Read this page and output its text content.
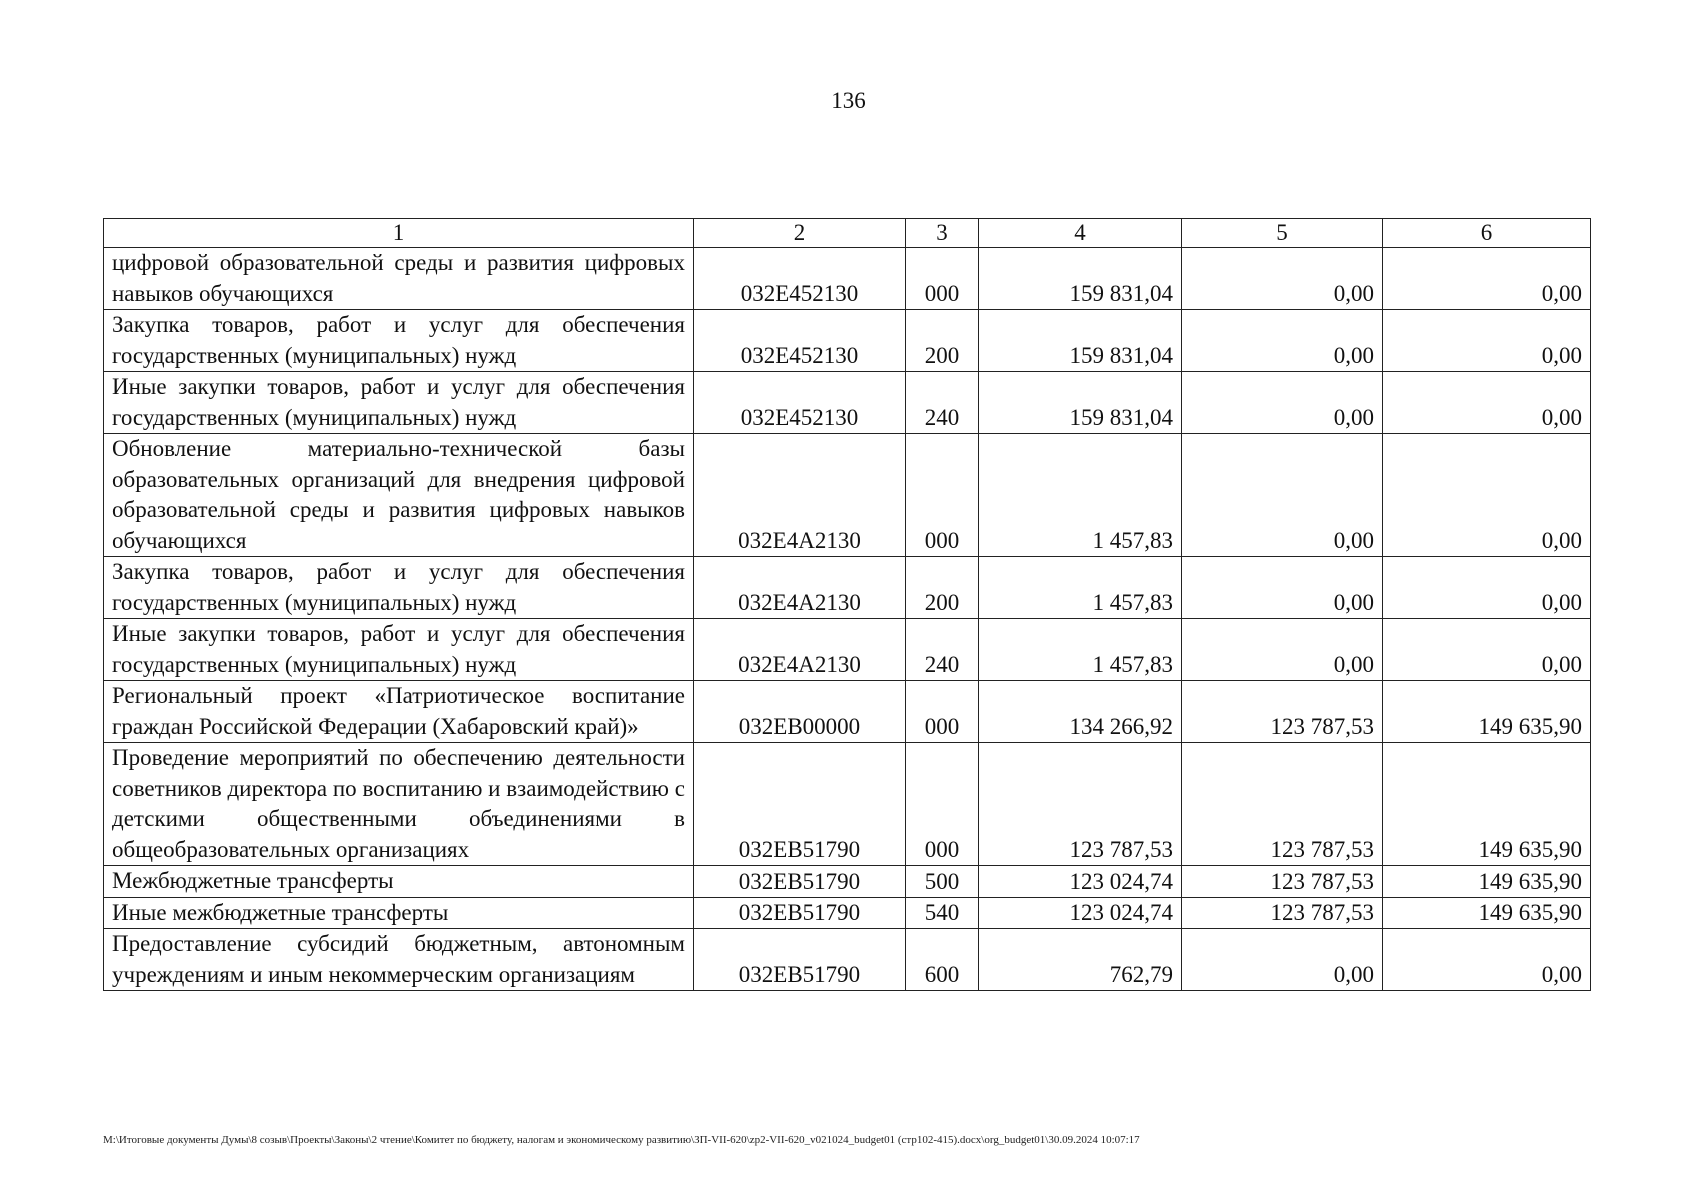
136
1	2	3	4	5	6
цифровой образовательной среды и развития цифровых навыков обучающихся	032E452130	000	159 831,04	0,00	0,00
Закупка товаров, работ и услуг для обеспечения государственных (муниципальных) нужд	032E452130	200	159 831,04	0,00	0,00
Иные закупки товаров, работ и услуг для обеспечения государственных (муниципальных) нужд	032E452130	240	159 831,04	0,00	0,00
Обновление материально-технической базы образовательных организаций для внедрения цифровой образовательной среды и развития цифровых навыков обучающихся	032E4A2130	000	1 457,83	0,00	0,00
Закупка товаров, работ и услуг для обеспечения государственных (муниципальных) нужд	032E4A2130	200	1 457,83	0,00	0,00
Иные закупки товаров, работ и услуг для обеспечения государственных (муниципальных) нужд	032E4A2130	240	1 457,83	0,00	0,00
Региональный проект «Патриотическое воспитание граждан Российской Федерации (Хабаровский край)»	032EB00000	000	134 266,92	123 787,53	149 635,90
Проведение мероприятий по обеспечению деятельности советников директора по воспитанию и взаимодействию с детскими общественными объединениями в общеобразовательных организациях	032EB51790	000	123 787,53	123 787,53	149 635,90
Межбюджетные трансферты	032EB51790	500	123 024,74	123 787,53	149 635,90
Иные межбюджетные трансферты	032EB51790	540	123 024,74	123 787,53	149 635,90
Предоставление субсидий бюджетным, автономным учреждениям и иным некоммерческим организациям	032EB51790	600	762,79	0,00	0,00
M:\Итоговые документы Думы\8 созыв\Проекты\Законы\2 чтение\Комитет по бюджету, налогам и экономическому развитию\ЗП-VII-620\zp2-VII-620_v021024_budget01 (стр102-415).docx\org_budget01\30.09.2024 10:07:17
